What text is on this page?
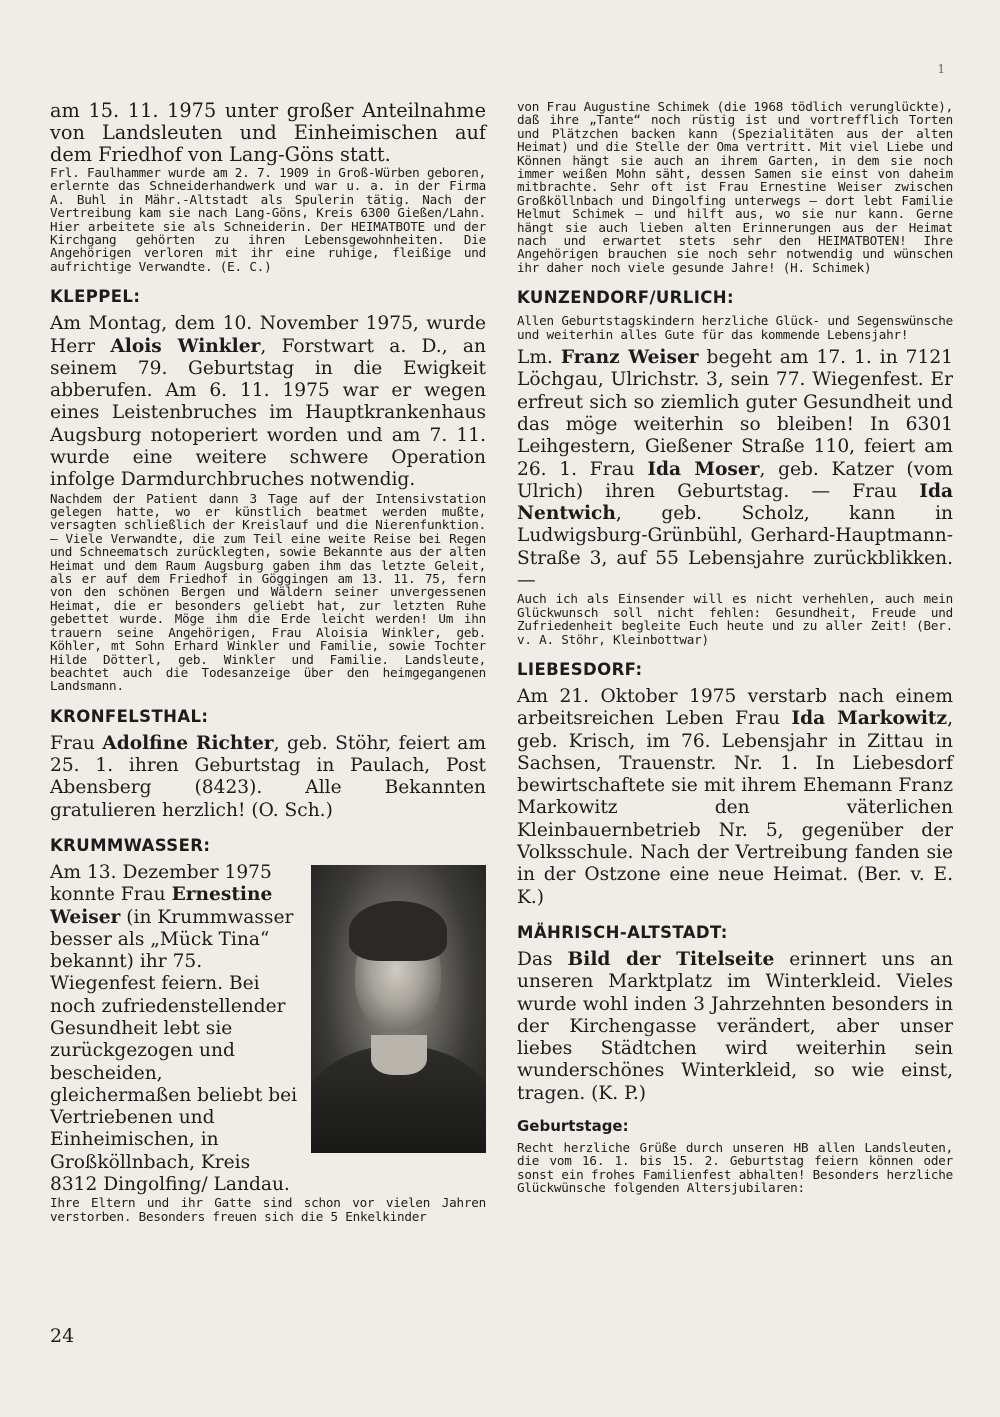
1

am 15. 11. 1975 unter großer Anteilnahme von Landsleuten und Einheimischen auf dem Friedhof von Lang-Göns statt.

Frl. Faulhammer wurde am 2. 7. 1909 in Groß-Würben geboren, erlernte das Schneiderhandwerk und war u. a. in der Firma A. Buhl in Mähr.-Altstadt als Spulerin tätig. Nach der Vertreibung kam sie nach Lang-Göns, Kreis 6300 Gießen/Lahn. Hier arbeitete sie als Schneiderin. Der HEIMATBOTE und der Kirchgang gehörten zu ihren Lebensgewohnheiten. Die Angehörigen verloren mit ihr eine ruhige, fleißige und aufrichtige Verwandte. (E. C.)

KLEPPEL:

Am Montag, dem 10. November 1975, wurde Herr Alois Winkler, Forstwart a. D., an seinem 79. Geburtstag in die Ewigkeit abberufen. Am 6. 11. 1975 war er wegen eines Leistenbruches im Hauptkrankenhaus Augsburg notoperiert worden und am 7. 11. wurde eine weitere schwere Operation infolge Darmdurchbruches notwendig.

Nachdem der Patient dann 3 Tage auf der Intensivstation gelegen hatte, wo er künstlich beatmet werden mußte, versagten schließlich der Kreislauf und die Nierenfunktion. – Viele Verwandte, die zum Teil eine weite Reise bei Regen und Schneematsch zurücklegten, sowie Bekannte aus der alten Heimat und dem Raum Augsburg gaben ihm das letzte Geleit, als er auf dem Friedhof in Göggingen am 13. 11. 75, fern von den schönen Bergen und Wäldern seiner unvergessenen Heimat, die er besonders geliebt hat, zur letzten Ruhe gebettet wurde. Möge ihm die Erde leicht werden! Um ihn trauern seine Angehörigen, Frau Aloisia Winkler, geb. Köhler, mt Sohn Erhard Winkler und Familie, sowie Tochter Hilde Dötterl, geb. Winkler und Familie. Landsleute, beachtet auch die Todesanzeige über den heimgegangenen Landsmann.

KRONFELSTHAL:

Frau Adolfine Richter, geb. Stöhr, feiert am 25. 1. ihren Geburtstag in Paulach, Post Abensberg (8423). Alle Bekannten gratulieren herzlich! (O. Sch.)

KRUMMWASSER:

Am 13. Dezember 1975 konnte Frau Ernestine Weiser (in Krummwasser besser als „Mück Tina“ bekannt) ihr 75. Wiegenfest feiern. Bei noch zufriedenstellender Gesundheit lebt sie zurückgezogen und bescheiden, gleichermaßen beliebt bei Vertriebenen und Einheimischen, in Großköllnbach, Kreis 8312 Dingolfing/ Landau.

Ihre Eltern und ihr Gatte sind schon vor vielen Jahren verstorben. Besonders freuen sich die 5 Enkelkinder

von Frau Augustine Schimek (die 1968 tödlich verunglückte), daß ihre „Tante“ noch rüstig ist und vortrefflich Torten und Plätzchen backen kann (Spezialitäten aus der alten Heimat) und die Stelle der Oma vertritt. Mit viel Liebe und Können hängt sie auch an ihrem Garten, in dem sie noch immer weißen Mohn säht, dessen Samen sie einst von daheim mitbrachte. Sehr oft ist Frau Ernestine Weiser zwischen Großköllnbach und Dingolfing unterwegs – dort lebt Familie Helmut Schimek – und hilft aus, wo sie nur kann. Gerne hängt sie auch lieben alten Erinnerungen aus der Heimat nach und erwartet stets sehr den HEIMATBOTEN! Ihre Angehörigen brauchen sie noch sehr notwendig und wünschen ihr daher noch viele gesunde Jahre! (H. Schimek)

KUNZENDORF/URLICH:

Allen Geburtstagskindern herzliche Glück- und Segenswünsche und weiterhin alles Gute für das kommende Lebensjahr!

Lm. Franz Weiser begeht am 17. 1. in 7121 Löchgau, Ulrichstr. 3, sein 77. Wiegenfest. Er erfreut sich so ziemlich guter Gesundheit und das möge weiterhin so bleiben! In 6301 Leihgestern, Gießener Straße 110, feiert am 26. 1. Frau Ida Moser, geb. Katzer (vom Ulrich) ihren Geburtstag. — Frau Ida Nentwich, geb. Scholz, kann in Ludwigsburg-Grünbühl, Gerhard-Hauptmann-Straße 3, auf 55 Lebensjahre zurückblikken. —

Auch ich als Einsender will es nicht verhehlen, auch mein Glückwunsch soll nicht fehlen: Gesundheit, Freude und Zufriedenheit begleite Euch heute und zu aller Zeit! (Ber. v. A. Stöhr, Kleinbottwar)

LIEBESDORF:

Am 21. Oktober 1975 verstarb nach einem arbeitsreichen Leben Frau Ida Markowitz, geb. Krisch, im 76. Lebensjahr in Zittau in Sachsen, Trauenstr. Nr. 1. In Liebesdorf bewirtschaftete sie mit ihrem Ehemann Franz Markowitz den väterlichen Kleinbauernbetrieb Nr. 5, gegenüber der Volksschule. Nach der Vertreibung fanden sie in der Ostzone eine neue Heimat. (Ber. v. E. K.)

MÄHRISCH-ALTSTADT:

Das Bild der Titelseite erinnert uns an unseren Marktplatz im Winterkleid. Vieles wurde wohl inden 3 Jahrzehnten besonders in der Kirchengasse verändert, aber unser liebes Städtchen wird weiterhin sein wunderschönes Winterkleid, so wie einst, tragen. (K. P.)

Geburtstage:

Recht herzliche Grüße durch unseren HB allen Landsleuten, die vom 16. 1. bis 15. 2. Geburtstag feiern können oder sonst ein frohes Familienfest abhalten! Besonders herzliche Glückwünsche folgenden Altersjubilaren:

24
